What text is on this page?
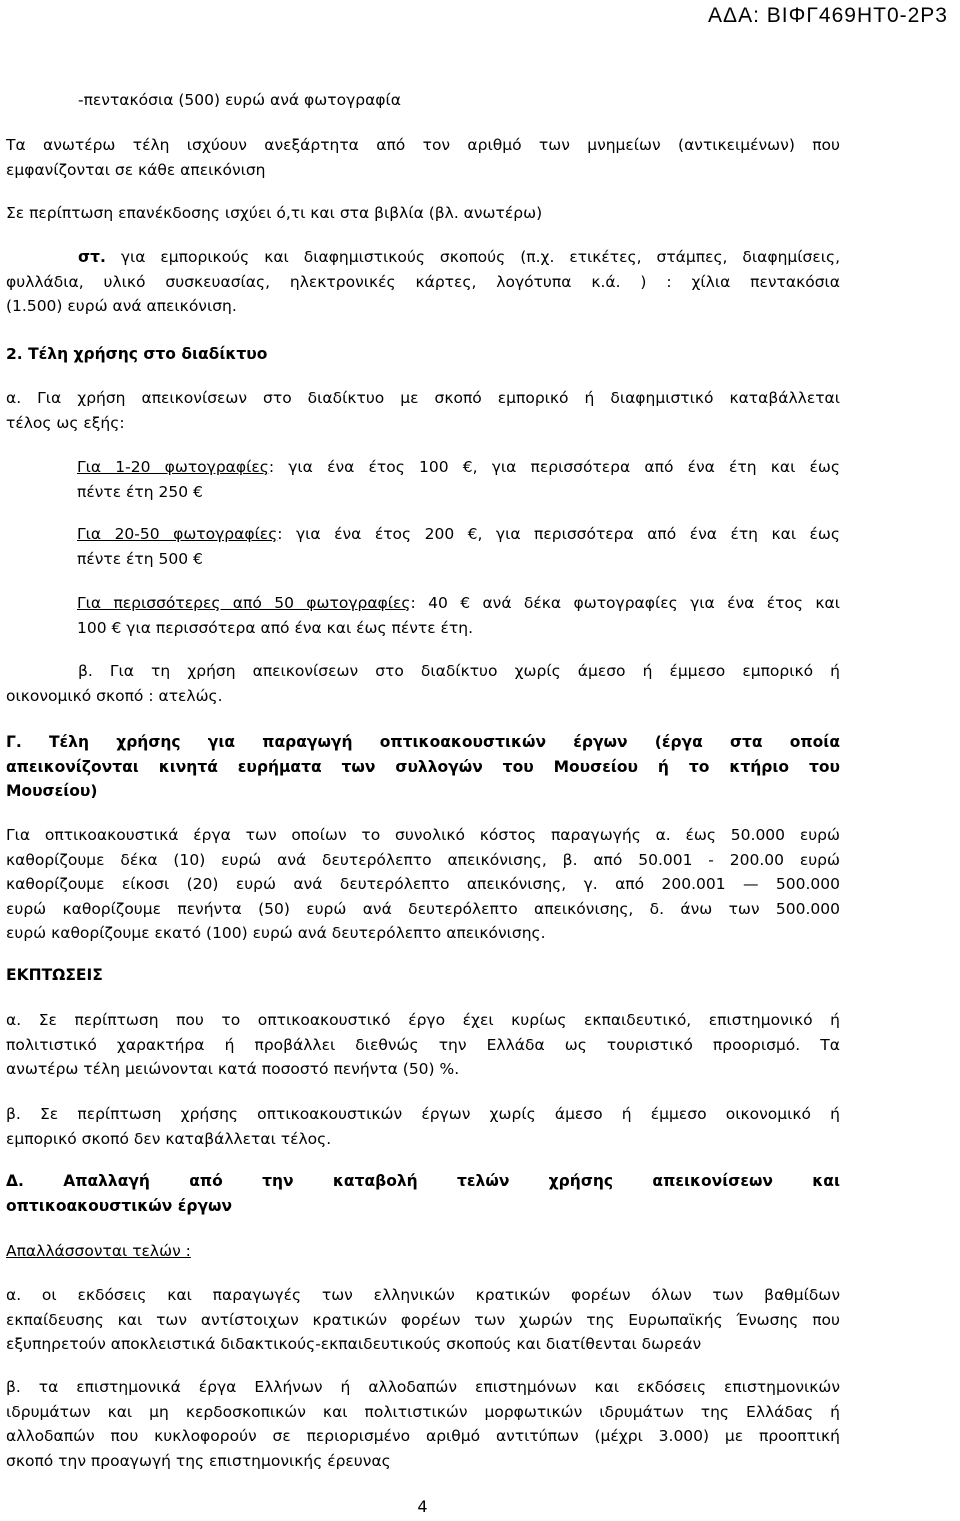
ΑΔΑ: ΒΙΦΓ469ΗΤ0-2Ρ3
-πεντακόσια (500) ευρώ ανά φωτογραφία
Τα ανωτέρω τέλη ισχύουν ανεξάρτητα από τον αριθμό των μνημείων (αντικειμένων) που
εμφανίζονται σε κάθε απεικόνιση
Σε περίπτωση επανέκδοσης ισχύει ό,τι και στα βιβλία (βλ. ανωτέρω)
στ. για εμπορικούς και διαφημιστικούς σκοπούς (π.χ. ετικέτες, στάμπες, διαφημίσεις,
φυλλάδια, υλικό συσκευασίας, ηλεκτρονικές κάρτες, λογότυπα κ.ά. ) : χίλια πεντακόσια
(1.500) ευρώ ανά απεικόνιση.
2. Τέλη χρήσης στο διαδίκτυο
α. Για χρήση απεικονίσεων στο διαδίκτυο με σκοπό εμπορικό ή διαφημιστικό καταβάλλεται
τέλος ως εξής:
Για 1-20 φωτογραφίες: για ένα έτος 100 €, για περισσότερα από ένα έτη και έως
πέντε έτη 250 €
Για 20-50 φωτογραφίες: για ένα έτος 200 €, για περισσότερα από ένα έτη και έως
πέντε έτη 500 €
Για περισσότερες από 50 φωτογραφίες: 40 € ανά δέκα φωτογραφίες για ένα έτος και
100 € για περισσότερα από ένα και έως πέντε έτη.
β. Για τη χρήση απεικονίσεων στο διαδίκτυο χωρίς άμεσο ή έμμεσο εμπορικό ή
οικονομικό σκοπό : ατελώς.
Γ. Τέλη χρήσης για παραγωγή οπτικοακουστικών έργων (έργα στα οποία
απεικονίζονται κινητά ευρήματα των συλλογών του Μουσείου ή το κτήριο του
Μουσείου)
Για οπτικοακουστικά έργα των οποίων το συνολικό κόστος παραγωγής α. έως 50.000 ευρώ
καθορίζουμε δέκα (10) ευρώ ανά δευτερόλεπτο απεικόνισης, β. από 50.001 - 200.00 ευρώ
καθορίζουμε είκοσι (20) ευρώ ανά δευτερόλεπτο απεικόνισης, γ. από 200.001 — 500.000
ευρώ καθορίζουμε πενήντα (50) ευρώ ανά δευτερόλεπτο απεικόνισης, δ. άνω των 500.000
ευρώ καθορίζουμε εκατό (100) ευρώ ανά δευτερόλεπτο απεικόνισης.
ΕΚΠΤΩΣΕΙΣ
α. Σε περίπτωση που το οπτικοακουστικό έργο έχει κυρίως εκπαιδευτικό, επιστημονικό ή
πολιτιστικό χαρακτήρα ή προβάλλει διεθνώς την Ελλάδα ως τουριστικό προορισμό. Τα
ανωτέρω τέλη μειώνονται κατά ποσοστό πενήντα (50) %.
β. Σε περίπτωση χρήσης οπτικοακουστικών έργων χωρίς άμεσο ή έμμεσο οικονομικό ή
εμπορικό σκοπό δεν καταβάλλεται τέλος.
Δ. Απαλλαγή από την καταβολή τελών χρήσης απεικονίσεων και
οπτικοακουστικών έργων
Απαλλάσσονται τελών :
α. οι εκδόσεις και παραγωγές των ελληνικών κρατικών φορέων όλων των βαθμίδων
εκπαίδευσης και των αντίστοιχων κρατικών φορέων των χωρών της Ευρωπαϊκής Ένωσης που
εξυπηρετούν αποκλειστικά διδακτικούς-εκπαιδευτικούς σκοπούς και διατίθενται δωρεάν
β. τα επιστημονικά έργα Ελλήνων ή αλλοδαπών επιστημόνων και εκδόσεις επιστημονικών
ιδρυμάτων και μη κερδοσκοπικών και πολιτιστικών μορφωτικών ιδρυμάτων της Ελλάδας ή
αλλοδαπών που κυκλοφορούν σε περιορισμένο αριθμό αντιτύπων (μέχρι 3.000) με προοπτική
σκοπό την προαγωγή της επιστημονικής έρευνας
4
